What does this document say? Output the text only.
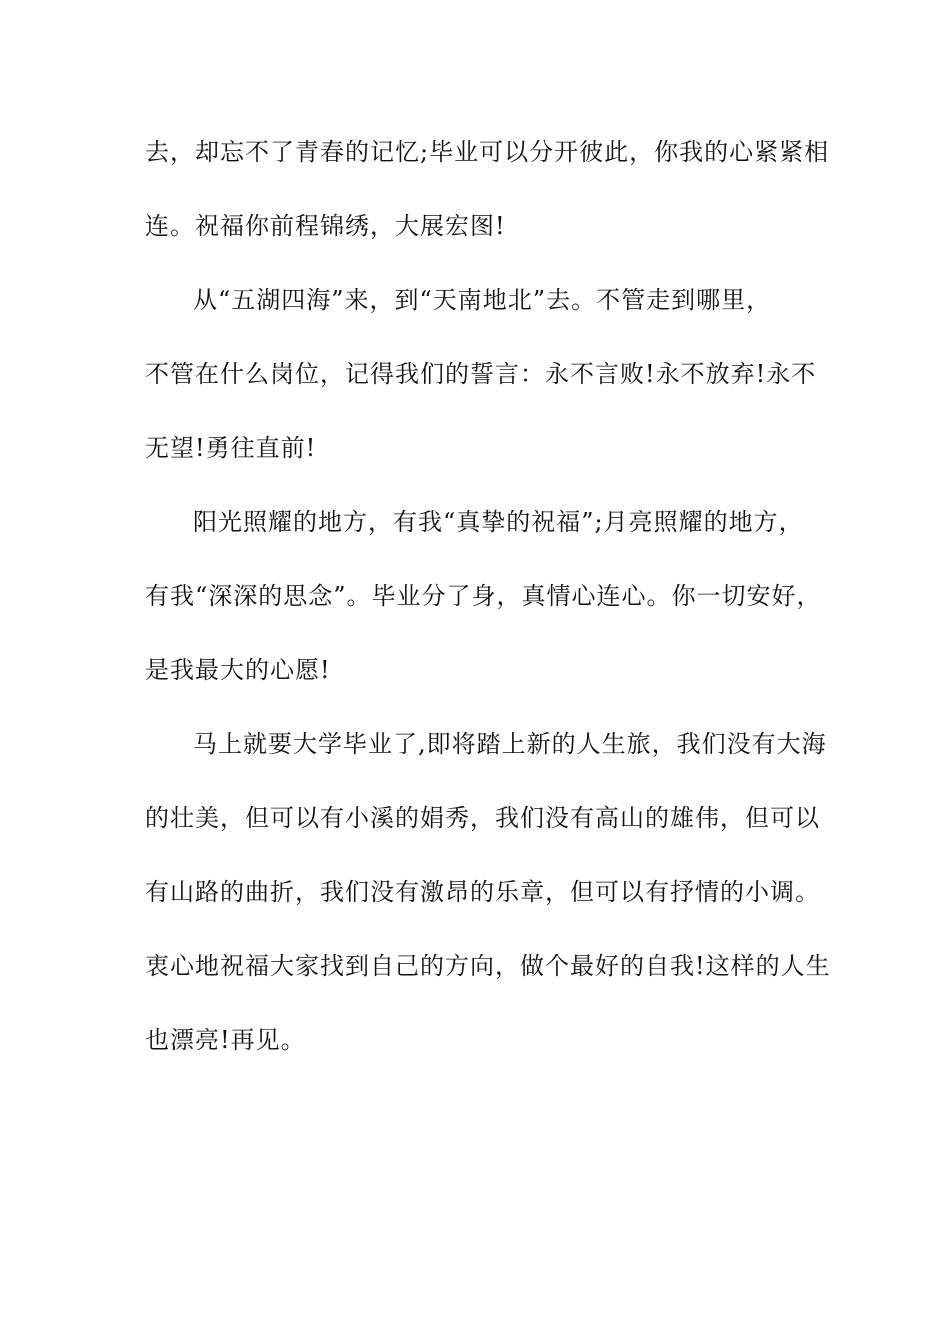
去，却忘不了青春的记忆;毕业可以分开彼此，你我的心紧紧相
连。祝福你前程锦绣，大展宏图!
从“五湖四海”来，到“天南地北”去。不管走到哪里，
不管在什么岗位，记得我们的誓言：永不言败!永不放弃!永不
无望!勇往直前!
阳光照耀的地方，有我“真挚的祝福”;月亮照耀的地方，
有我“深深的思念”。毕业分了身，真情心连心。你一切安好，
是我最大的心愿!
马上就要大学毕业了,即将踏上新的人生旅，我们没有大海
的壮美，但可以有小溪的娟秀，我们没有高山的雄伟，但可以
有山路的曲折，我们没有激昂的乐章，但可以有抒情的小调。
衷心地祝福大家找到自己的方向，做个最好的自我!这样的人生
也漂亮!再见。
